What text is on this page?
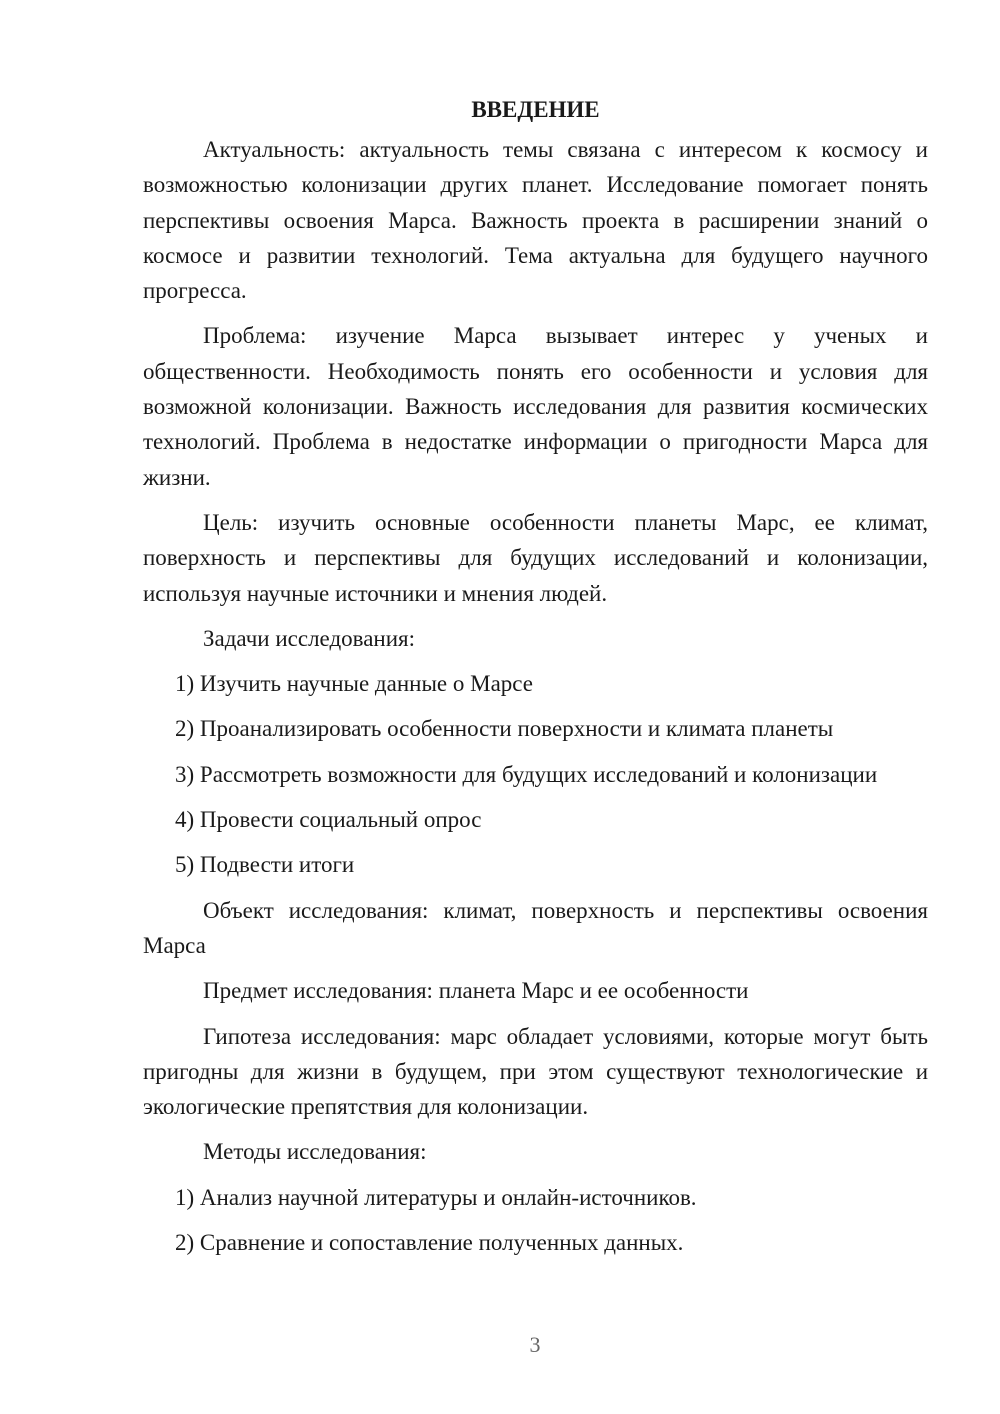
ВВЕДЕНИЕ

Актуальность: актуальность темы связана с интересом к космосу и возможностью колонизации других планет. Исследование помогает понять перспективы освоения Марса. Важность проекта в расширении знаний о космосе и развитии технологий. Тема актуальна для будущего научного прогресса.

Проблема: изучение Марса вызывает интерес у ученых и общественности. Необходимость понять его особенности и условия для возможной колонизации. Важность исследования для развития космических технологий. Проблема в недостатке информации о пригодности Марса для жизни.

Цель: изучить основные особенности планеты Марс, ее климат, поверхность и перспективы для будущих исследований и колонизации, используя научные источники и мнения людей.

Задачи исследования:

1) Изучить научные данные о Марсе

2) Проанализировать особенности поверхности и климата планеты

3) Рассмотреть возможности для будущих исследований и колонизации

4) Провести социальный опрос

5) Подвести итоги

Объект исследования: климат, поверхность и перспективы освоения Марса

Предмет исследования: планета Марс и ее особенности

Гипотеза исследования: марс обладает условиями, которые могут быть пригодны для жизни в будущем, при этом существуют технологические и экологические препятствия для колонизации.

Методы исследования:

1) Анализ научной литературы и онлайн-источников.

2) Сравнение и сопоставление полученных данных.

3
